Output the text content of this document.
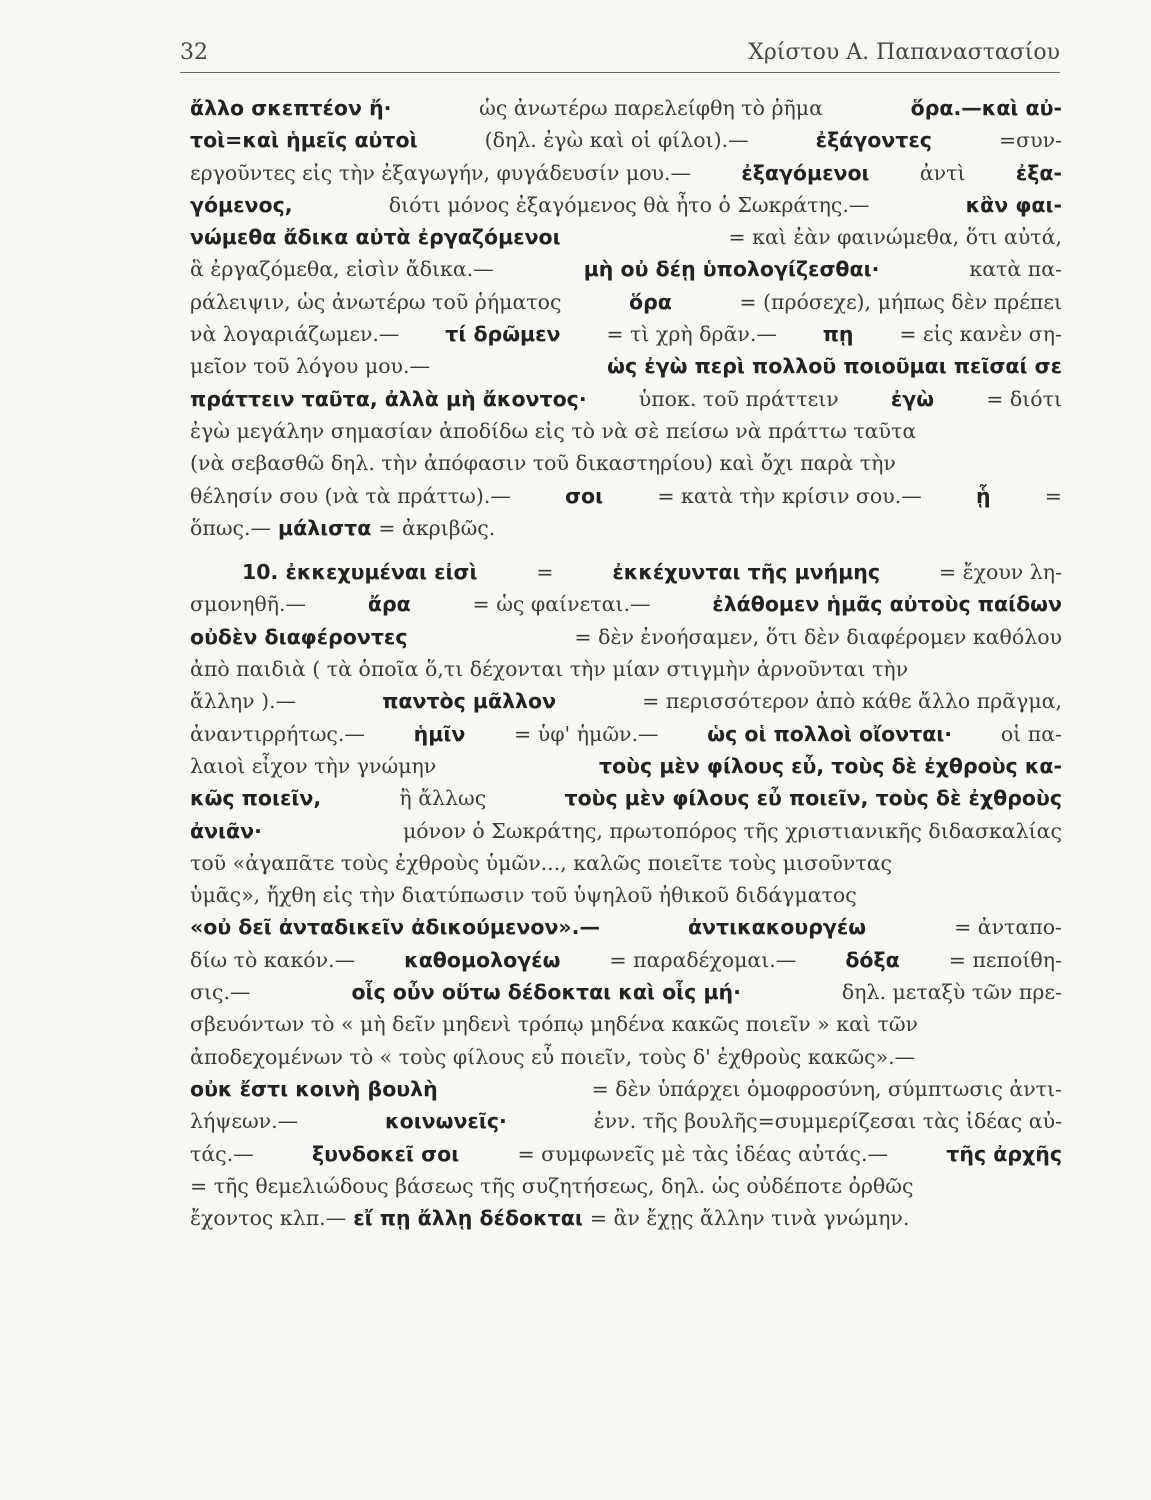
32	Χρίστου Α. Παπαναστασίου
ἄλλο σκεπτέον ἤ·	ὡς ἀνωτέρω παρελείφθη τὸ ῥῆμα	ὅρα.—καὶ αὐ-
τοὶ=καὶ ἡμεῖς αὐτοὶ	(δηλ. ἐγὼ καὶ οἱ φίλοι).—	ἐξάγοντες	=συν-
εργοῦντες εἰς τὴν ἐξαγωγήν, φυγάδευσίν μου.— ἐξαγόμενοι ἀντὶ ἐξα-
γόμενος,	διότι μόνος ἐξαγόμενος θὰ ἦτο ὁ Σωκράτης.—	κἂν φαι-
νώμεθα ἄδικα αὐτὰ ἐργαζόμενοι	= καὶ ἐὰν φαινώμεθα, ὅτι αὐτά,
ἃ ἐργαζόμεθα, εἰσὶν ἄδικα.—	μὴ οὐ δέῃ ὑπολογίζεσθαι·	κατὰ πα-
ράλειψιν, ὡς ἀνωτέρω τοῦ ῥήματος	ὅρα	= (πρόσεχε), μήπως δὲν πρέπει
νὰ λογαριάζωμεν.— τί δρῶμεν = τὶ χρὴ δρᾶν.— πῃ = εἰς κανὲν ση-
μεῖον τοῦ λόγου μου.—	ὡς ἐγὼ περὶ πολλοῦ ποιοῦμαι πεῖσαί σε
πράττειν ταῦτα, ἀλλὰ μὴ ἄκοντος·	ὑποκ. τοῦ πράττειν	ἐγὼ	= διότι
ἐγὼ μεγάλην σημασίαν ἀποδίδω εἰς τὸ νὰ σὲ πείσω νὰ πράττω ταῦτα
(νὰ σεβασθῶ δηλ. τὴν ἀπόφασιν τοῦ δικαστηρίου) καὶ ὄχι παρὰ τὴν
θέλησίν σου (νὰ τὰ πράττω).—	σοι	= κατὰ τὴν κρίσιν σου.—	ᾗ	=
ὅπως.— μάλιστα = ἀκριβῶς.
10. ἐκκεχυμέναι εἰσὶ	=	ἐκκέχυνται τῆς μνήμης	= ἔχουν λη-
σμονηθῆ.—	ἄρα	= ὡς φαίνεται.—	ἐλάθομεν ἡμᾶς αὐτοὺς παίδων
οὐδὲν διαφέροντες	= δὲν ἐνοήσαμεν, ὅτι δὲν διαφέρομεν καθόλου
ἀπὸ παιδιὰ ( τὰ ὁποῖα ὅ,τι δέχονται τὴν μίαν στιγμὴν ἀρνοῦνται τὴν
ἄλλην ).—	παντὸς μᾶλλον	= περισσότερον ἀπὸ κάθε ἄλλο πρᾶγμα,
ἀναντιρρήτως.— ἡμῖν = ὑφ' ἡμῶν.— ὡς οἱ πολλοὶ οἴονται· οἱ πα-
λαιοὶ εἶχον τὴν γνώμην	τοὺς μὲν φίλους εὖ, τοὺς δὲ ἐχθροὺς κα-
κῶς ποιεῖν,	ἢ ἄλλως	τοὺς μὲν φίλους εὖ ποιεῖν, τοὺς δὲ ἐχθροὺς
ἀνιᾶν·	μόνον ὁ Σωκράτης, πρωτοπόρος τῆς χριστιανικῆς διδασκαλίας
τοῦ «ἀγαπᾶτε τοὺς ἐχθροὺς ὑμῶν..., καλῶς ποιεῖτε τοὺς μισοῦντας
ὑμᾶς», ἤχθη εἰς τὴν διατύπωσιν τοῦ ὑψηλοῦ ἠθικοῦ διδάγματος
«οὐ δεῖ ἀνταδικεῖν ἀδικούμενον».—	ἀντικακουργέω	= ἀνταπο-
δίω τὸ κακόν.— καθομολογέω = παραδέχομαι.— δόξα = πεποίθη-
σις.—	οἷς οὖν οὕτω δέδοκται καὶ οἷς μή·	δηλ. μεταξὺ τῶν πρε-
σβευόντων τὸ « μὴ δεῖν μηδενὶ τρόπῳ μηδένα κακῶς ποιεῖν » καὶ τῶν
ἀποδεχομένων τὸ « τοὺς φίλους εὖ ποιεῖν, τοὺς δ' ἐχθροὺς κακῶς».—
οὐκ ἔστι κοινὴ βουλὴ	= δὲν ὑπάρχει ὁμοφροσύνη, σύμπτωσις ἀντι-
λήψεων.—	κοινωνεῖς·	ἐνν. τῆς βουλῆς=συμμερίζεσαι τὰς ἰδέας αὐ-
τάς.—	ξυνδοκεῖ σοι	= συμφωνεῖς μὲ τὰς ἰδέας αὐτάς.—	τῆς ἀρχῆς
= τῆς θεμελιώδους βάσεως τῆς συζητήσεως, δηλ. ὡς οὐδέποτε ὀρθῶς
ἔχοντος κλπ.— εἴ πῃ ἄλλῃ δέδοκται = ἂν ἔχῃς ἄλλην τινὰ γνώμην.
